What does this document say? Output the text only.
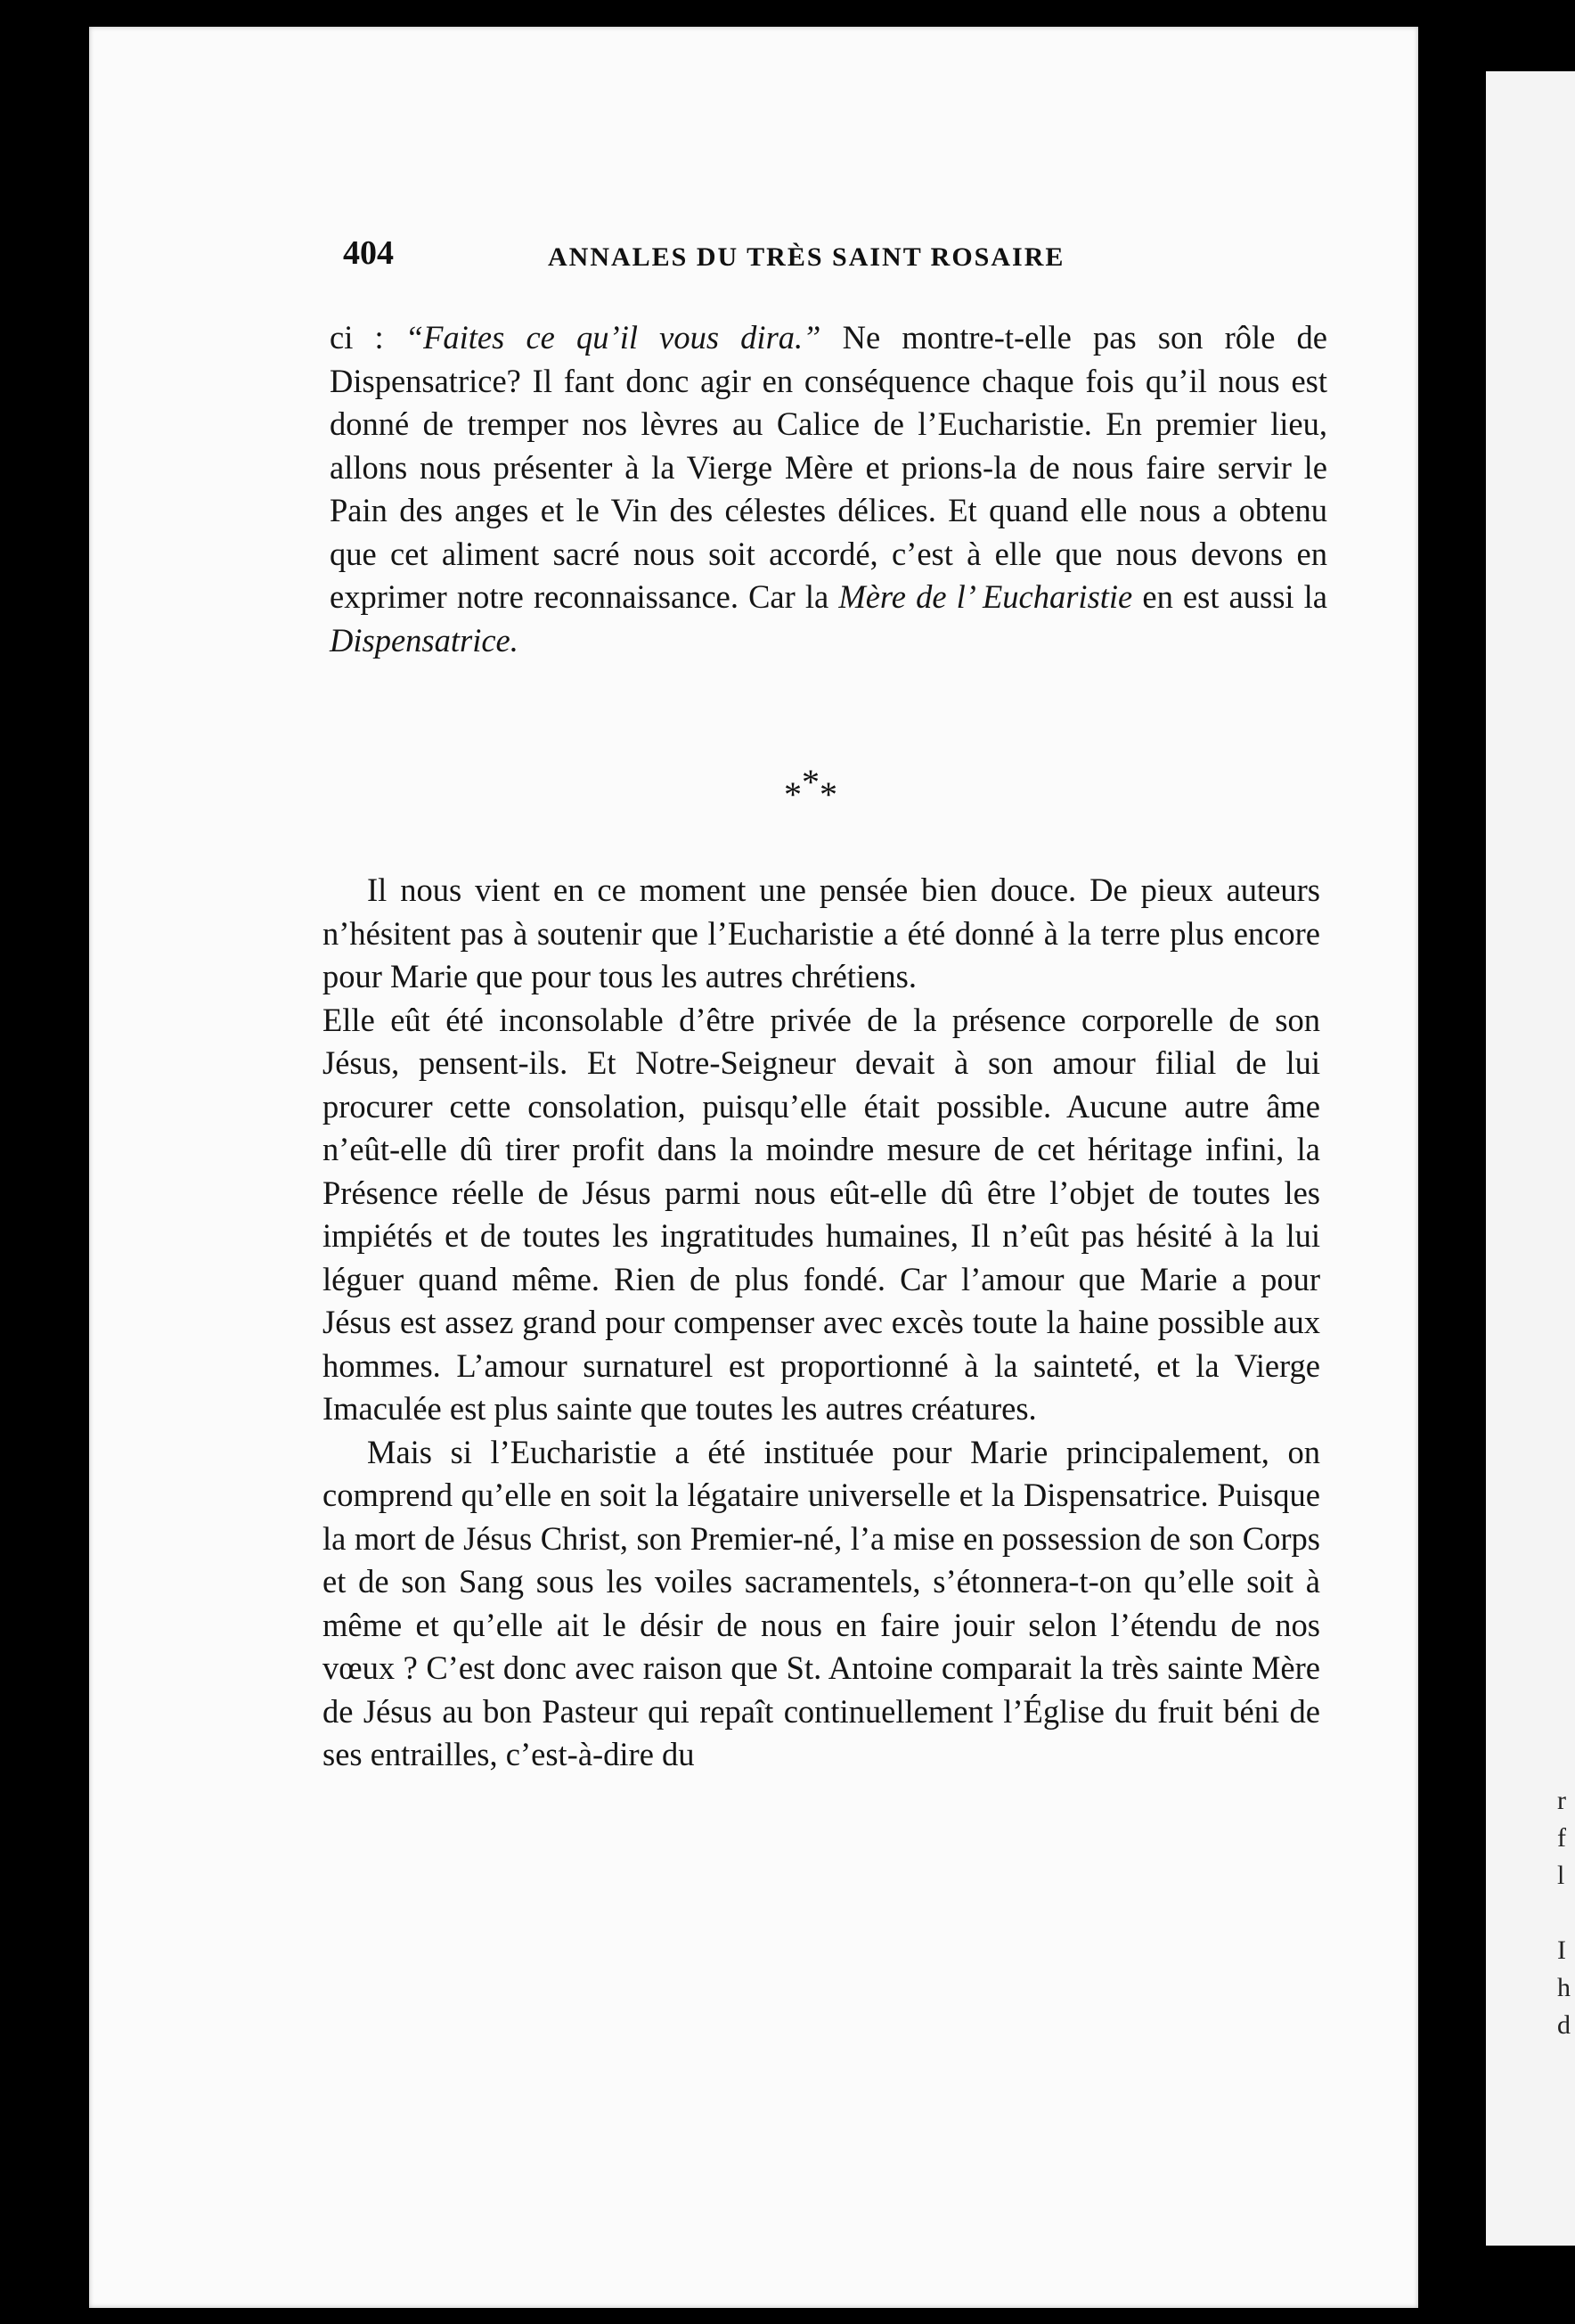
r
f
l

I
h
d
404	ANNALES DU TRÈS SAINT ROSAIRE

ci : “Faites ce qu’il vous dira.” Ne montre-t-elle pas son rôle de Dispensatrice? Il fant donc agir en conséquence chaque fois qu’il nous est donné de tremper nos lèvres au Calice de l’Eucharistie. En premier lieu, allons nous présenter à la Vierge Mère et prions-la de nous faire servir le Pain des anges et le Vin des célestes délices. Et quand elle nous a obtenu que cet aliment sacré nous soit accordé, c’est à elle que nous devons en exprimer notre reconnaissance. Car la Mère de l’ Eucharistie en est aussi la Dispensatrice.

***

Il nous vient en ce moment une pensée bien douce. De pieux auteurs n’hésitent pas à soutenir que l’Eucharistie a été donné à la terre plus encore pour Marie que pour tous les autres chrétiens.

Elle eût été inconsolable d’être privée de la présence corporelle de son Jésus, pensent-ils. Et Notre-Seigneur devait à son amour filial de lui procurer cette consolation, puisqu’elle était possible. Aucune autre âme n’eût-elle dû tirer profit dans la moindre mesure de cet héritage infini, la Présence réelle de Jésus parmi nous eût-elle dû être l’objet de toutes les impiétés et de toutes les ingratitudes humaines, Il n’eût pas hésité à la lui léguer quand même. Rien de plus fondé. Car l’amour que Marie a pour Jésus est assez grand pour compenser avec excès toute la haine possible aux hommes. L’amour surnaturel est proportionné à la sainteté, et la Vierge Imaculée est plus sainte que toutes les autres créatures.

Mais si l’Eucharistie a été instituée pour Marie principalement, on comprend qu’elle en soit la légataire universelle et la Dispensatrice. Puisque la mort de Jésus Christ, son Premier-né, l’a mise en possession de son Corps et de son Sang sous les voiles sacramentels, s’étonnera-t-on qu’elle soit à même et qu’elle ait le désir de nous en faire jouir selon l’étendu de nos vœux ? C’est donc avec raison que St. Antoine comparait la très sainte Mère de Jésus au bon Pasteur qui repaît continuellement l’Église du fruit béni de ses entrailles, c’est-à-dire du
